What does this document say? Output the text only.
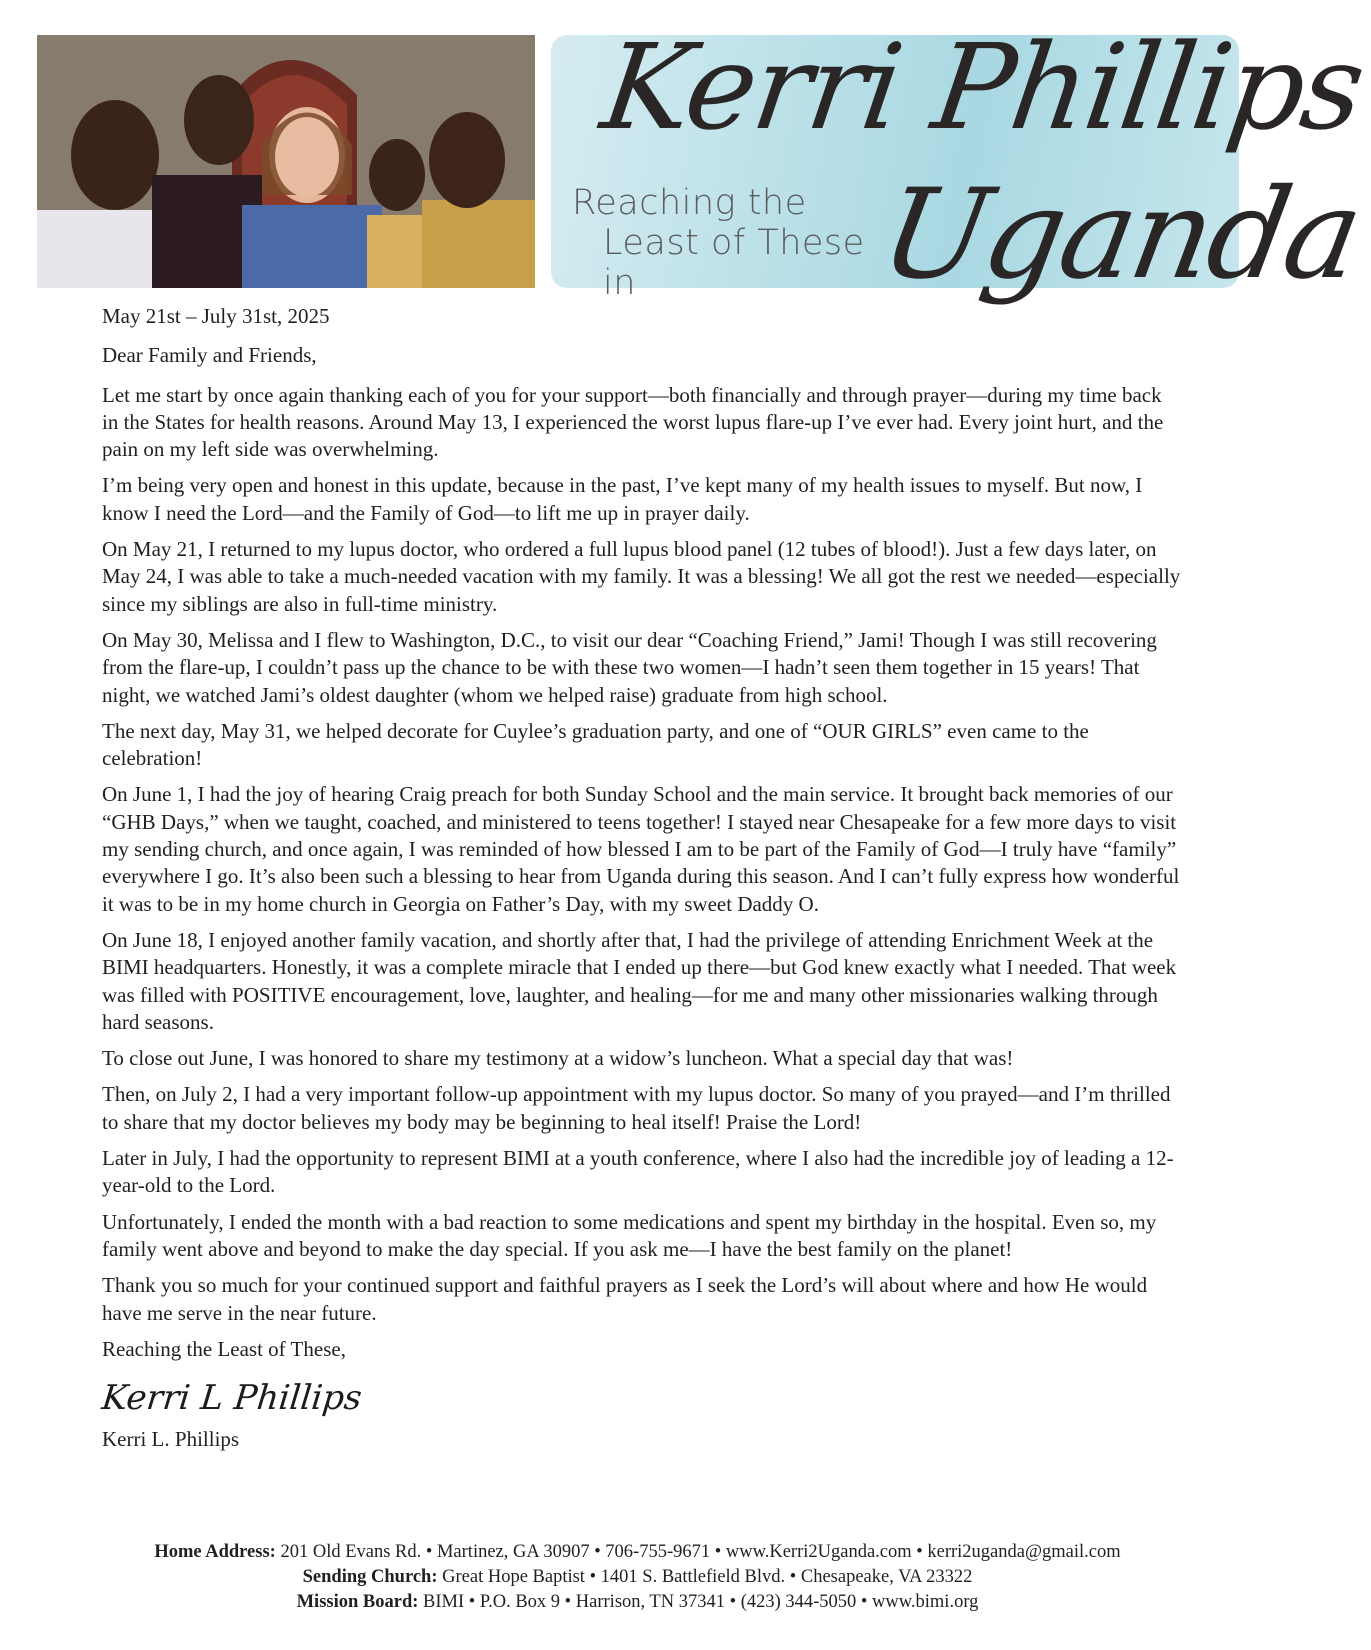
Kerri Phillips
Reaching the
Least of These in	Uganda

May 21st – July 31st, 2025

Dear Family and Friends,

Let me start by once again thanking each of you for your support—both financially and through prayer—during my time back in the States for health reasons. Around May 13, I experienced the worst lupus flare-up I’ve ever had. Every joint hurt, and the pain on my left side was overwhelming.

I’m being very open and honest in this update, because in the past, I’ve kept many of my health issues to myself. But now, I know I need the Lord—and the Family of God—to lift me up in prayer daily.

On May 21, I returned to my lupus doctor, who ordered a full lupus blood panel (12 tubes of blood!). Just a few days later, on May 24, I was able to take a much-needed vacation with my family. It was a blessing! We all got the rest we needed—especially since my siblings are also in full-time ministry.

On May 30, Melissa and I flew to Washington, D.C., to visit our dear “Coaching Friend,” Jami! Though I was still recovering from the flare-up, I couldn’t pass up the chance to be with these two women—I hadn’t seen them together in 15 years! That night, we watched Jami’s oldest daughter (whom we helped raise) graduate from high school.

The next day, May 31, we helped decorate for Cuylee’s graduation party, and one of “OUR GIRLS” even came to the celebration!

On June 1, I had the joy of hearing Craig preach for both Sunday School and the main service. It brought back memories of our “GHB Days,” when we taught, coached, and ministered to teens together! I stayed near Chesapeake for a few more days to visit my sending church, and once again, I was reminded of how blessed I am to be part of the Family of God—I truly have “family” everywhere I go. It’s also been such a blessing to hear from Uganda during this season. And I can’t fully express how wonderful it was to be in my home church in Georgia on Father’s Day, with my sweet Daddy O.

On June 18, I enjoyed another family vacation, and shortly after that, I had the privilege of attending Enrichment Week at the BIMI headquarters. Honestly, it was a complete miracle that I ended up there—but God knew exactly what I needed. That week was filled with POSITIVE encouragement, love, laughter, and healing—for me and many other missionaries walking through hard seasons.

To close out June, I was honored to share my testimony at a widow’s luncheon. What a special day that was!

Then, on July 2, I had a very important follow-up appointment with my lupus doctor. So many of you prayed—and I’m thrilled to share that my doctor believes my body may be beginning to heal itself! Praise the Lord!

Later in July, I had the opportunity to represent BIMI at a youth conference, where I also had the incredible joy of leading a 12-year-old to the Lord.

Unfortunately, I ended the month with a bad reaction to some medications and spent my birthday in the hospital. Even so, my family went above and beyond to make the day special. If you ask me—I have the best family on the planet!

Thank you so much for your continued support and faithful prayers as I seek the Lord’s will about where and how He would have me serve in the near future.

Reaching the Least of These,

Kerri L Phillips

Kerri L. Phillips

Home Address: 201 Old Evans Rd. • Martinez, GA 30907 • 706-755-9671 • www.Kerri2Uganda.com • kerri2uganda@gmail.com
Sending Church: Great Hope Baptist • 1401 S. Battlefield Blvd. • Chesapeake, VA 23322
Mission Board: BIMI • P.O. Box 9 • Harrison, TN 37341 • (423) 344-5050 • www.bimi.org
